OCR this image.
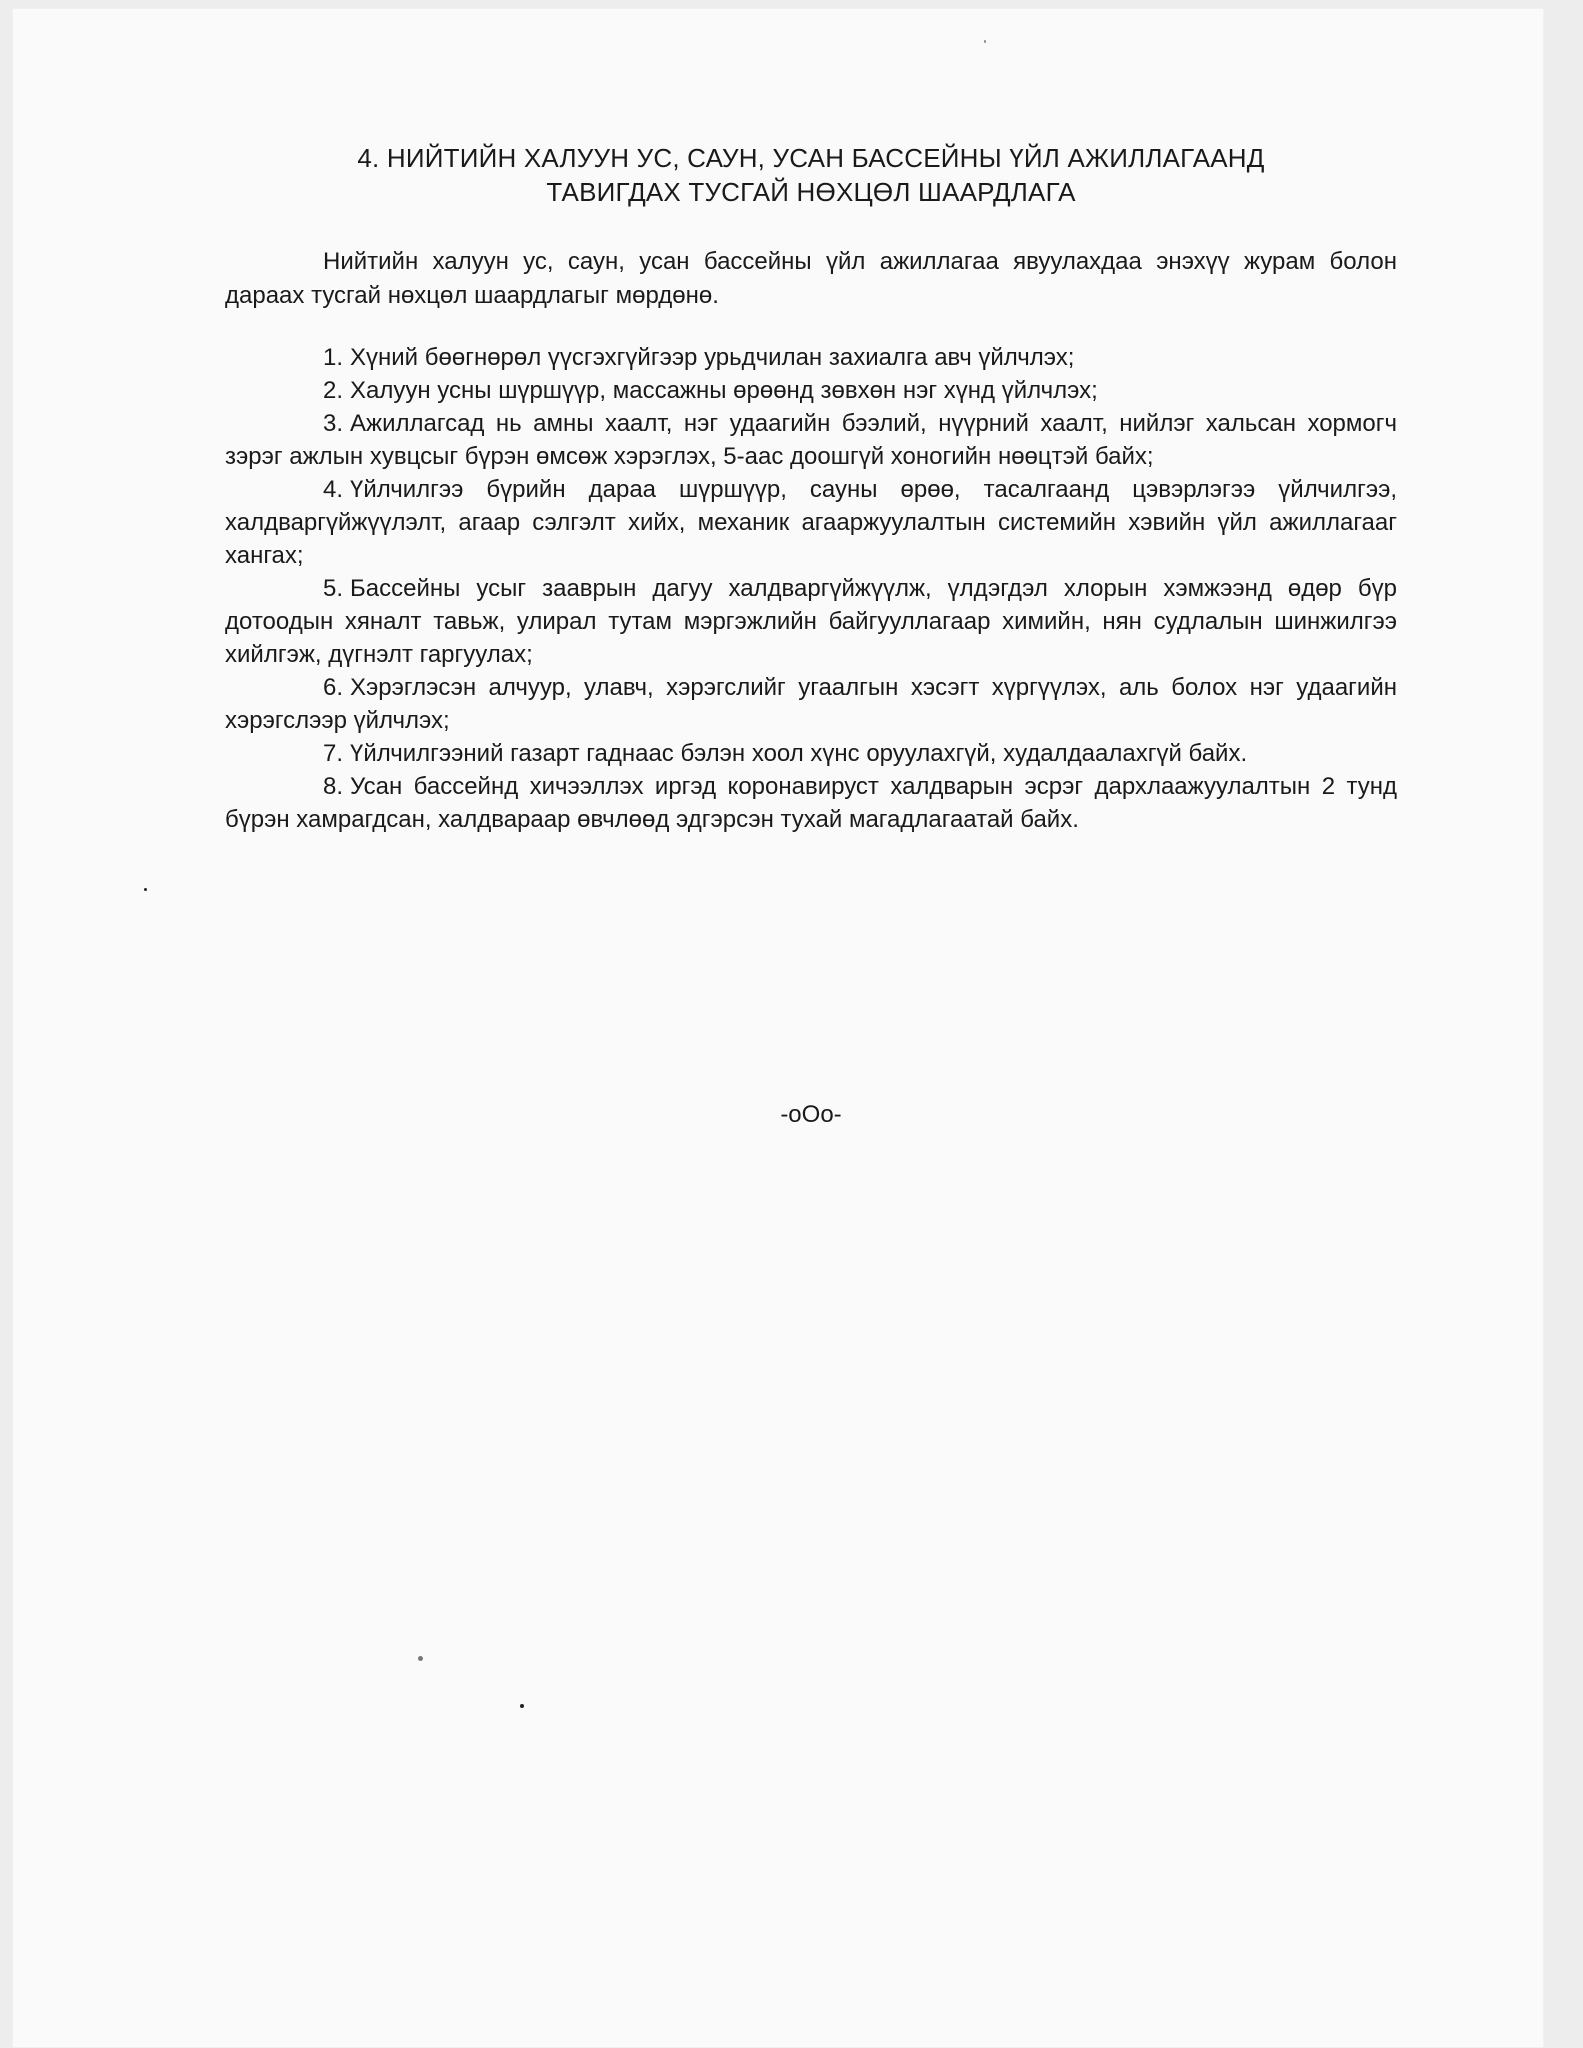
4. НИЙТИЙН ХАЛУУН УС, САУН, УСАН БАССЕЙНЫ ҮЙЛ АЖИЛЛАГААНД
ТАВИГДАХ ТУСГАЙ НӨХЦӨЛ ШААРДЛАГА

Нийтийн халуун ус, саун, усан бассейны үйл ажиллагаа явуулахдаа энэхүү журам болон дараах тусгай нөхцөл шаардлагыг мөрдөнө.

1. Хүний бөөгнөрөл үүсгэхгүйгээр урьдчилан захиалга авч үйлчлэх;
2. Халуун усны шүршүүр, массажны өрөөнд зөвхөн нэг хүнд үйлчлэх;
3. Ажиллагсад нь амны хаалт, нэг удаагийн бээлий, нүүрний хаалт, нийлэг хальсан хормогч зэрэг ажлын хувцсыг бүрэн өмсөж хэрэглэх, 5-аас доошгүй хоногийн нөөцтэй байх;
4. Үйлчилгээ бүрийн дараа шүршүүр, сауны өрөө, тасалгаанд цэвэрлэгээ үйлчилгээ, халдваргүйжүүлэлт, агаар сэлгэлт хийх, механик агааржуулалтын системийн хэвийн үйл ажиллагааг хангах;
5. Бассейны усыг зааврын дагуу халдваргүйжүүлж, үлдэгдэл хлорын хэмжээнд өдөр бүр дотоодын хяналт тавьж, улирал тутам мэргэжлийн байгууллагаар химийн, нян судлалын шинжилгээ хийлгэж, дүгнэлт гаргуулах;
6. Хэрэглэсэн алчуур, улавч, хэрэгслийг угаалгын хэсэгт хүргүүлэх, аль болох нэг удаагийн хэрэгслээр үйлчлэх;
7. Үйлчилгээний газарт гаднаас бэлэн хоол хүнс оруулахгүй, худалдаалахгүй байх.
8. Усан бассейнд хичээллэх иргэд коронавируст халдварын эсрэг дархлаажуулалтын 2 тунд бүрэн хамрагдсан, халдвараар өвчлөөд эдгэрсэн тухай магадлагаатай байх.
-оОо-
